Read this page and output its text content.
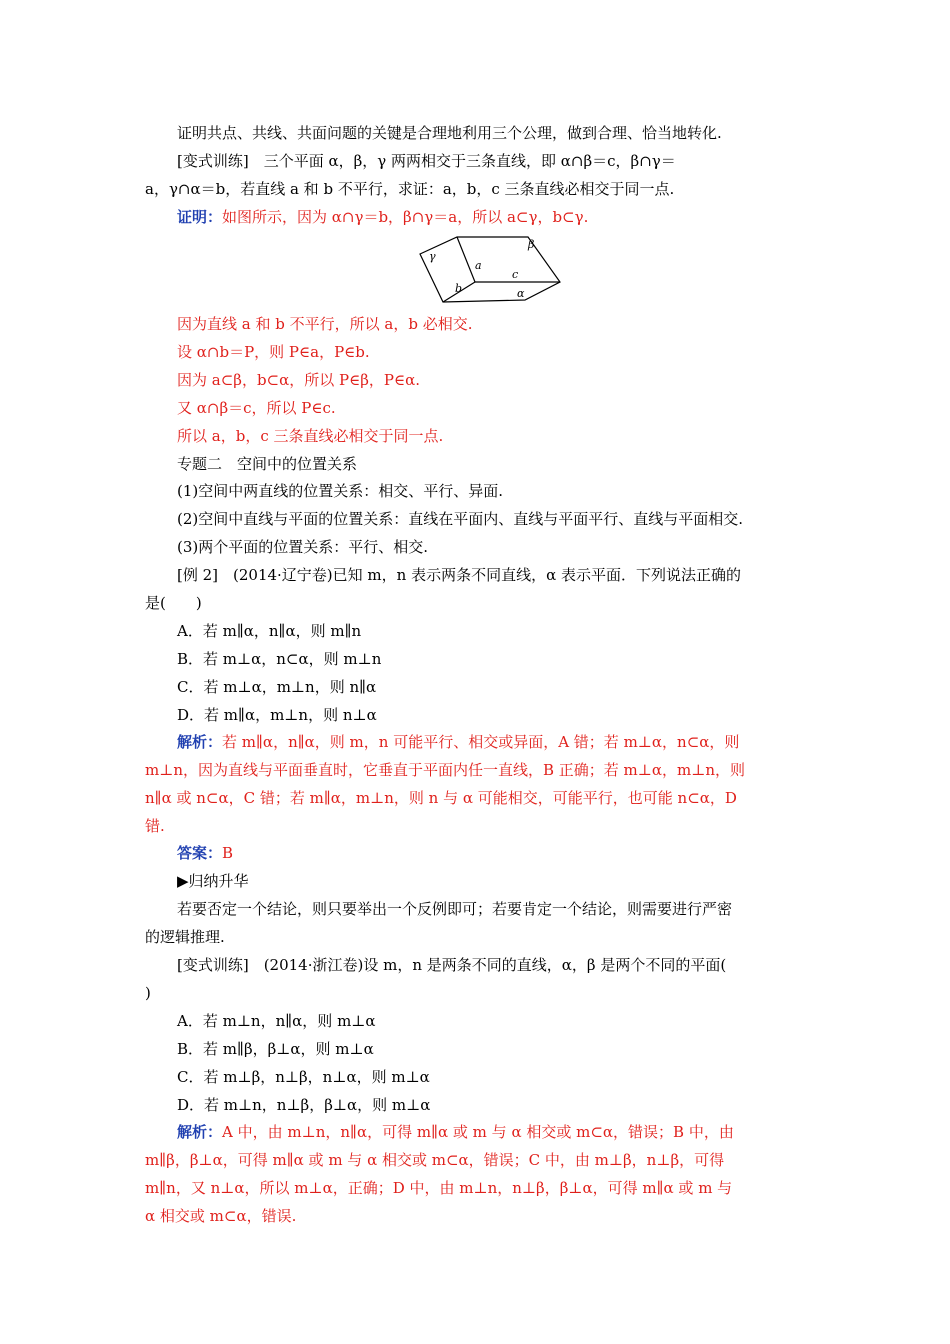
证明共点、共线、共面问题的关键是合理地利用三个公理，做到合理、恰当地转化.
[变式训练]　三个平面 α，β，γ 两两相交于三条直线，即 α∩β＝c，β∩γ＝
a，γ∩α＝b，若直线 a 和 b 不平行，求证：a，b，c 三条直线必相交于同一点.
证明：如图所示，因为 α∩γ＝b，β∩γ＝a，所以 a⊂γ，b⊂γ.
γ
β
a
b
c
α
因为直线 a 和 b 不平行，所以 a，b 必相交.
设 α∩b＝P，则 P∈a，P∈b.
因为 a⊂β，b⊂α，所以 P∈β，P∈α.
又 α∩β＝c，所以 P∈c.
所以 a，b，c 三条直线必相交于同一点.
专题二　空间中的位置关系
(1)空间中两直线的位置关系：相交、平行、异面.
(2)空间中直线与平面的位置关系：直线在平面内、直线与平面平行、直线与平面相交.
(3)两个平面的位置关系：平行、相交.
[例 2]　(2014·辽宁卷)已知 m，n 表示两条不同直线，α 表示平面．下列说法正确的
是(　　)
A．若 m∥α，n∥α，则 m∥n
B．若 m⊥α，n⊂α，则 m⊥n
C．若 m⊥α，m⊥n，则 n∥α
D．若 m∥α，m⊥n，则 n⊥α
解析：若 m∥α，n∥α，则 m，n 可能平行、相交或异面，A 错；若 m⊥α，n⊂α，则
m⊥n，因为直线与平面垂直时，它垂直于平面内任一直线，B 正确；若 m⊥α，m⊥n，则
n∥α 或 n⊂α，C 错；若 m∥α，m⊥n，则 n 与 α 可能相交，可能平行，也可能 n⊂α，D
错.
答案：B
▶归纳升华
若要否定一个结论，则只要举出一个反例即可；若要肯定一个结论，则需要进行严密
的逻辑推理.
[变式训练]　(2014·浙江卷)设 m，n 是两条不同的直线，α，β 是两个不同的平面(
)
A．若 m⊥n，n∥α，则 m⊥α
B．若 m∥β，β⊥α，则 m⊥α
C．若 m⊥β，n⊥β，n⊥α，则 m⊥α
D．若 m⊥n，n⊥β，β⊥α，则 m⊥α
解析：A 中，由 m⊥n，n∥α，可得 m∥α 或 m 与 α 相交或 m⊂α，错误；B 中，由
m∥β，β⊥α，可得 m∥α 或 m 与 α 相交或 m⊂α，错误；C 中，由 m⊥β，n⊥β，可得
m∥n，又 n⊥α，所以 m⊥α，正确；D 中，由 m⊥n，n⊥β，β⊥α，可得 m∥α 或 m 与
α 相交或 m⊂α，错误.
